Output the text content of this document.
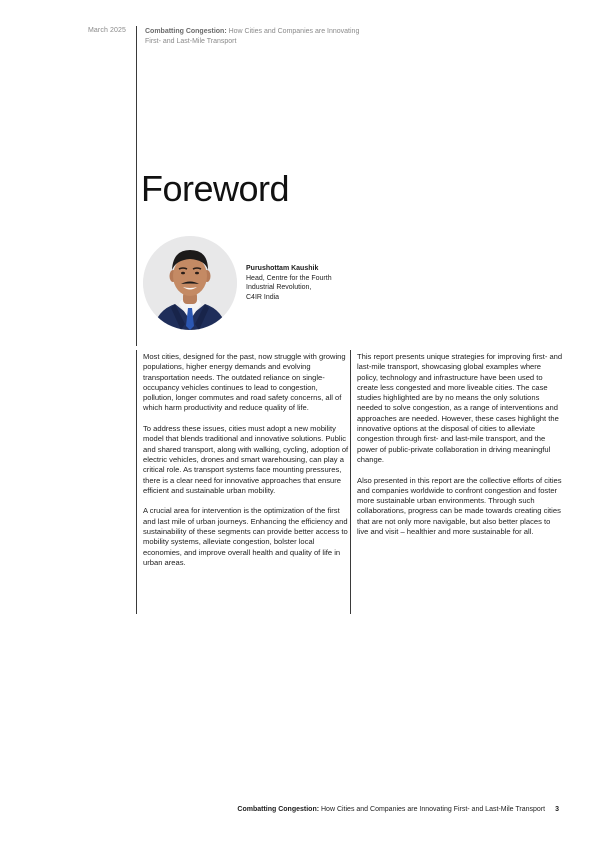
March 2025	Combatting Congestion: How Cities and Companies are Innovating First- and Last-Mile Transport
Foreword
Purushottam Kaushik
Head, Centre for the Fourth
Industrial Revolution,
C4IR India

Most cities, designed for the past, now struggle with growing populations, higher energy demands and evolving transportation needs. The outdated reliance on single-occupancy vehicles continues to lead to congestion, pollution, longer commutes and road safety concerns, all of which harm productivity and reduce quality of life.

To address these issues, cities must adopt a new mobility model that blends traditional and innovative solutions. Public and shared transport, along with walking, cycling, adoption of electric vehicles, drones and smart warehousing, can play a critical role. As transport systems face mounting pressures, there is a clear need for innovative approaches that ensure efficient and sustainable urban mobility.

A crucial area for intervention is the optimization of the first and last mile of urban journeys. Enhancing the efficiency and sustainability of these segments can provide better access to mobility systems, alleviate congestion, bolster local economies, and improve overall health and quality of life in urban areas.

This report presents unique strategies for improving first- and last-mile transport, showcasing global examples where policy, technology and infrastructure have been used to create less congested and more liveable cities. The case studies highlighted are by no means the only solutions needed to solve congestion, as a range of interventions and approaches are needed. However, these cases highlight the innovative options at the disposal of cities to alleviate congestion through first- and last-mile transport, and the power of public-private collaboration in driving meaningful change.

Also presented in this report are the collective efforts of cities and companies worldwide to confront congestion and foster more sustainable urban environments. Through such collaborations, progress can be made towards creating cities that are not only more navigable, but also better places to live and visit – healthier and more sustainable for all.

Combatting Congestion: How Cities and Companies are Innovating First- and Last-Mile Transport 3
